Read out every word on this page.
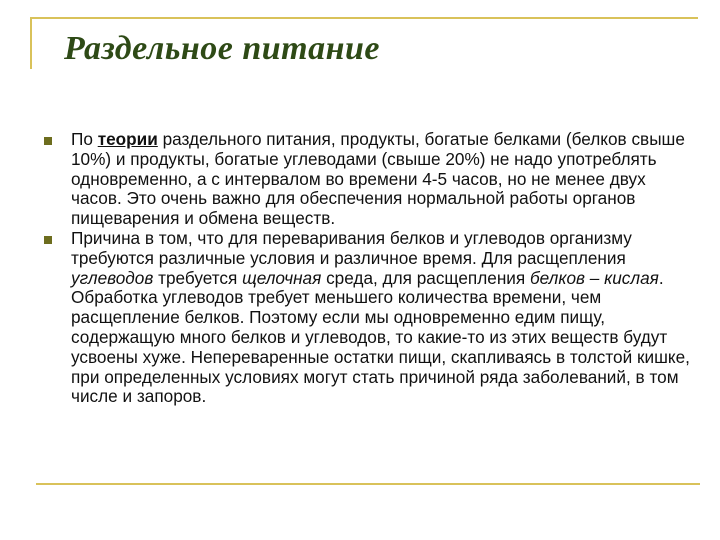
Раздельное питание
По теории раздельного питания, продукты, богатые белками (белков свыше 10%) и продукты, богатые углеводами (свыше 20%) не надо употреблять одновременно, а с интервалом во времени 4-5 часов, но не менее двух часов. Это очень важно для обеспечения нормальной работы органов пищеварения и обмена веществ.
Причина в том, что для переваривания белков и углеводов организму требуются различные условия и различное время. Для расщепления углеводов требуется щелочная среда, для расщепления белков – кислая. Обработка углеводов требует меньшего количества времени, чем расщепление белков. Поэтому если мы одновременно едим пищу, содержащую много белков и углеводов, то какие-то из этих веществ будут усвоены хуже. Непереваренные остатки пищи, скапливаясь в толстой кишке, при определенных условиях могут стать причиной ряда заболеваний, в том числе и запоров.
